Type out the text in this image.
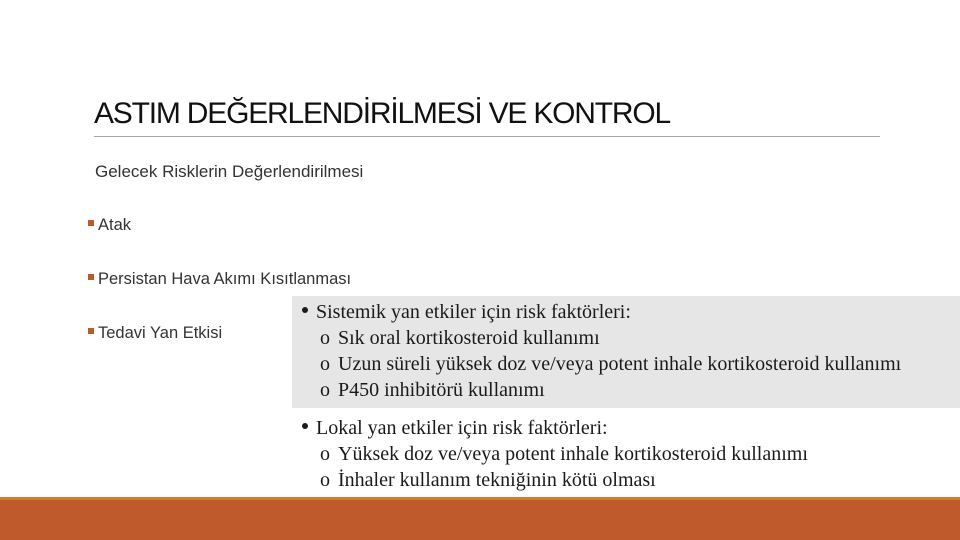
ASTIM DEĞERLENDİRİLMESİ VE KONTROL
Gelecek Risklerin Değerlendirilmesi
Atak
Persistan Hava Akımı Kısıtlanması
Tedavi Yan Etkisi
Sistemik yan etkiler için risk faktörleri:
o Sık oral kortikosteroid kullanımı
o Uzun süreli yüksek doz ve/veya potent inhale kortikosteroid kullanımı
o P450 inhibitörü kullanımı
Lokal yan etkiler için risk faktörleri:
o Yüksek doz ve/veya potent inhale kortikosteroid kullanımı
o İnhaler kullanım tekniğinin kötü olması
